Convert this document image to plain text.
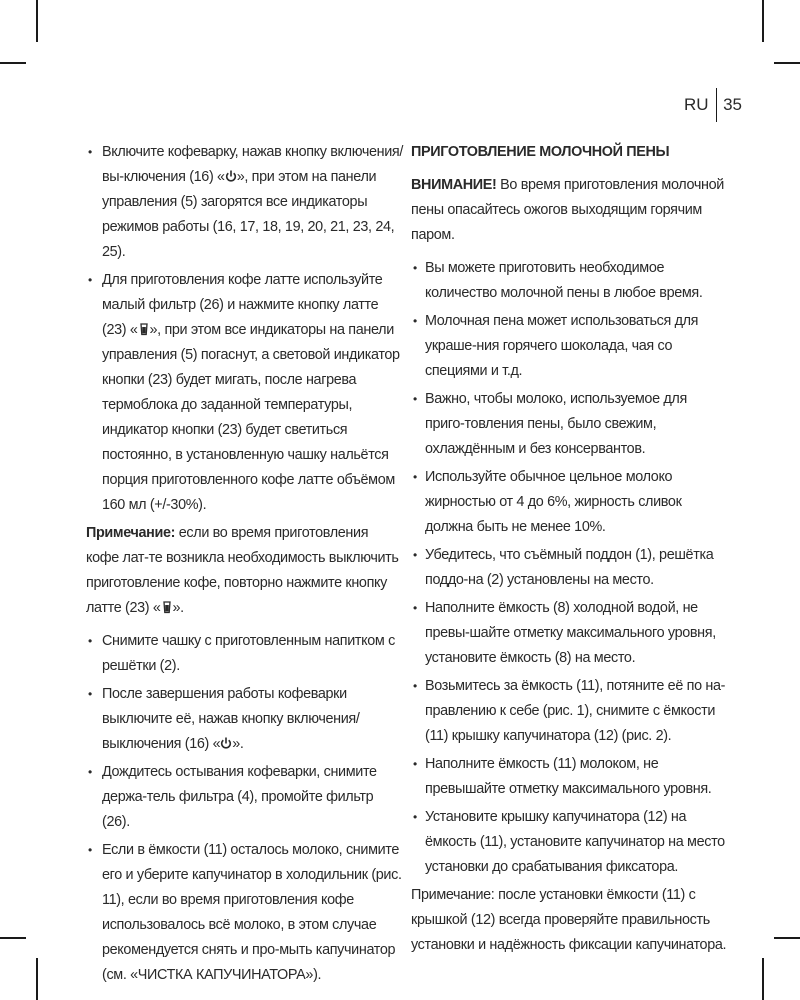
RU 35
• Включите кофеварку, нажав кнопку включения/вы-ключения (16) « », при этом на панели управления (5) загорятся все индикаторы режимов работы (16, 17, 18, 19, 20, 21, 23, 24, 25).
• Для приготовления кофе латте используйте малый фильтр (26) и нажмите кнопку латте (23) « », при этом все индикаторы на панели управления (5) погаснут, а световой индикатор кнопки (23) будет мигать, после нагрева термоблока до заданной температуры, индикатор кнопки (23) будет светиться постоянно, в установленную чашку нальётся порция приготовленного кофе латте объёмом 160 мл (+/-30%).

Примечание: если во время приготовления кофе лат-те возникла необходимость выключить приготовление кофе, повторно нажмите кнопку латте (23) « ».

• Снимите чашку с приготовленным напитком с решётки (2).
• После завершения работы кофеварки выключите её, нажав кнопку включения/выключения (16) « ».
• Дождитесь остывания кофеварки, снимите держа-тель фильтра (4), промойте фильтр (26).
• Если в ёмкости (11) осталось молоко, снимите его и уберите капучинатор в холодильник (рис. 11), если во время приготовления кофе использовалось всё молоко, в этом случае рекомендуется снять и про-мыть капучинатор (см. «ЧИСТКА КАПУЧИНАТОРА»).

ПРИГОТОВЛЕНИЕ МОЛОЧНОЙ ПЕНЫ

ВНИМАНИЕ! Во время приготовления молочной пены опасайтесь ожогов выходящим горячим паром.

• Вы можете приготовить необходимое количество молочной пены в любое время.
• Молочная пена может использоваться для украше-ния горячего шоколада, чая со специями и т.д.
• Важно, чтобы молоко, используемое для приго-товления пены, было свежим, охлаждённым и без консервантов.
• Используйте обычное цельное молоко жирностью от 4 до 6%, жирность сливок должна быть не менее 10%.
• Убедитесь, что съёмный поддон (1), решётка поддо-на (2) установлены на место.
• Наполните ёмкость (8) холодной водой, не превы-шайте отметку максимального уровня, установите ёмкость (8) на место.
• Возьмитесь за ёмкость (11), потяните её по на-правлению к себе (рис. 1), снимите с ёмкости (11) крышку капучинатора (12) (рис. 2).
• Наполните ёмкость (11) молоком, не превышайте отметку максимального уровня.
• Установите крышку капучинатора (12) на ёмкость (11), установите капучинатор на место установки до срабатывания фиксатора.

Примечание: после установки ёмкости (11) с крышкой (12) всегда проверяйте правильность установки и надёжность фиксации капучинатора.
